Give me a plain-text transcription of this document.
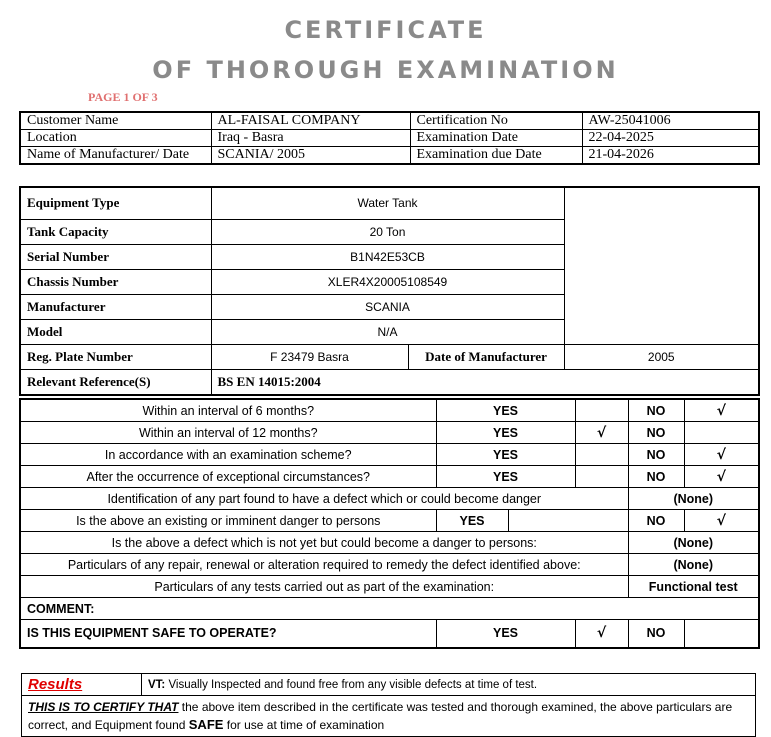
CERTIFICATE
OF THOROUGH EXAMINATION
PAGE 1 OF 3
Customer Name	AL-FAISAL COMPANY	Certification No	AW-25041006
Location	Iraq - Basra	Examination Date	22-04-2025
Name of Manufacturer/ Date	SCANIA/ 2005	Examination due Date	21-04-2026
Equipment Type	Water Tank		
Tank Capacity	20 Ton		
Serial Number	B1N42E53CB		
Chassis Number	XLER4X20005108549		
Manufacturer	SCANIA		
Model	N/A		
Reg. Plate Number	F 23479 Basra	Date of Manufacturer	2005
Relevant Reference(S)	BS EN 14015:2004		
Within an interval of 6 months?	YES			NO	√
Within an interval of 12 months?	YES		√	NO	
In accordance with an examination scheme?	YES			NO	√
After the occurrence of exceptional circumstances?	YES			NO	√
Identification of any part found to have a defect which or could become danger				(None)	
Is the above an existing or imminent danger to persons	YES			NO	√
Is the above a defect which is not yet but could become a danger to persons:				(None)	
Particulars of any repair, renewal or alteration required to remedy the defect identified above:				(None)	
Particulars of any tests carried out as part of the examination:				Functional test	
COMMENT:					
IS THIS EQUIPMENT SAFE TO OPERATE?	YES		√	NO	
Results	VT: Visually Inspected and found free from any visible defects at time of test.
THIS IS TO CERTIFY THAT the above item described in the certificate was tested and thorough examined, the above particulars are correct, and Equipment found SAFE for use at time of examination
